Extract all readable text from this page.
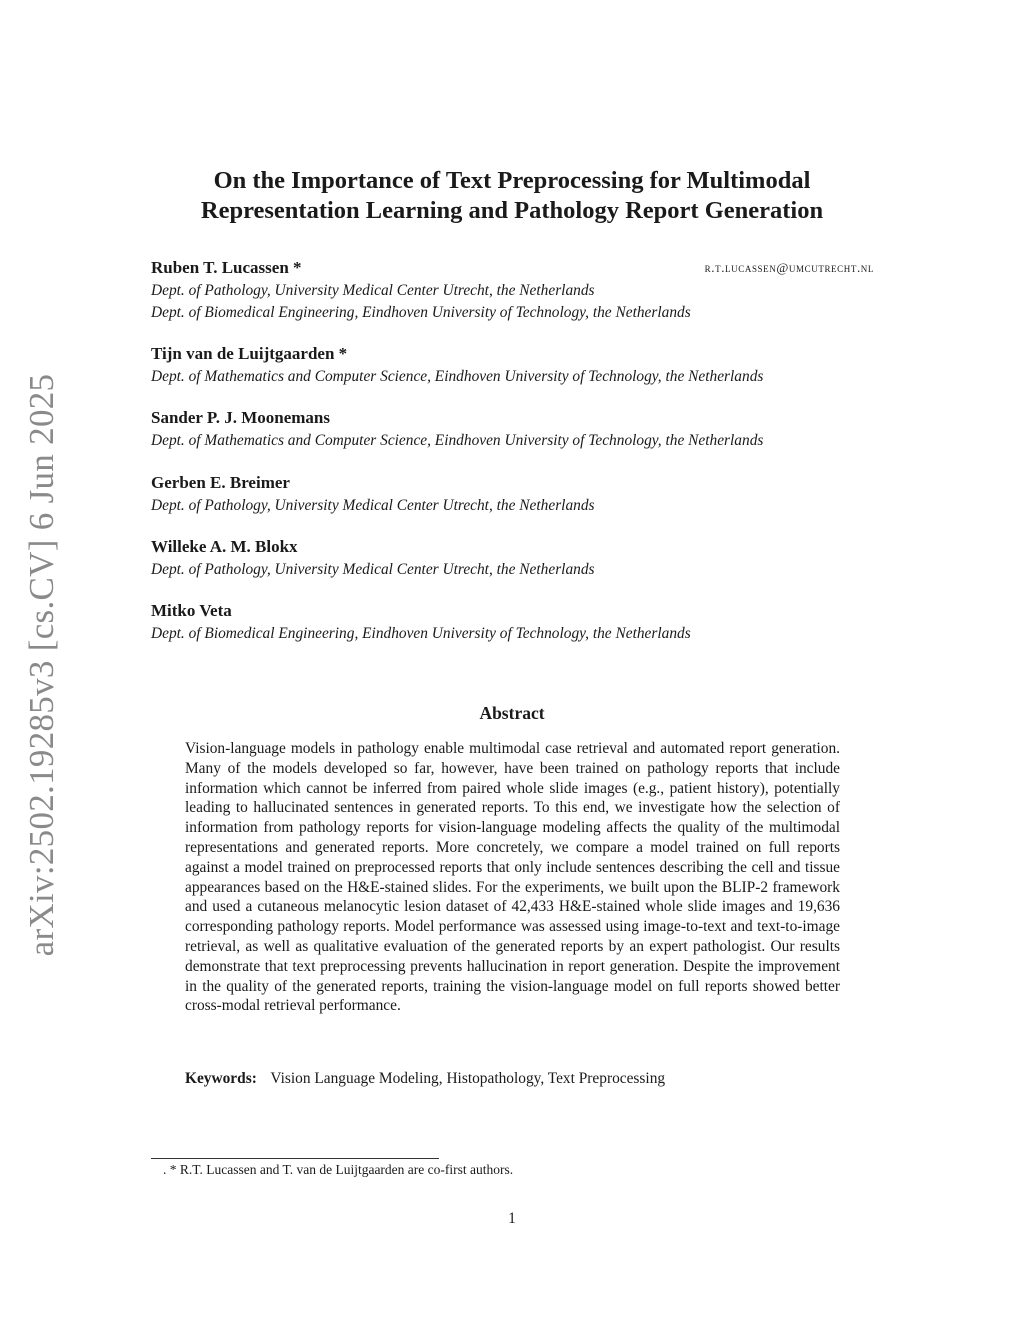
arXiv:2502.19285v3 [cs.CV] 6 Jun 2025
On the Importance of Text Preprocessing for Multimodal
Representation Learning and Pathology Report Generation
Ruben T. Lucassen *	r.t.lucassen@umcutrecht.nl
Dept. of Pathology, University Medical Center Utrecht, the Netherlands
Dept. of Biomedical Engineering, Eindhoven University of Technology, the Netherlands
Tijn van de Luijtgaarden *
Dept. of Mathematics and Computer Science, Eindhoven University of Technology, the Netherlands
Sander P. J. Moonemans
Dept. of Mathematics and Computer Science, Eindhoven University of Technology, the Netherlands
Gerben E. Breimer
Dept. of Pathology, University Medical Center Utrecht, the Netherlands
Willeke A. M. Blokx
Dept. of Pathology, University Medical Center Utrecht, the Netherlands
Mitko Veta
Dept. of Biomedical Engineering, Eindhoven University of Technology, the Netherlands
Abstract

Vision-language models in pathology enable multimodal case retrieval and automated report generation. Many of the models developed so far, however, have been trained on pathology reports that include information which cannot be inferred from paired whole slide images (e.g., patient history), potentially leading to hallucinated sentences in generated reports. To this end, we investigate how the selection of information from pathology reports for vision-language modeling affects the quality of the multimodal representations and generated reports. More concretely, we compare a model trained on full reports against a model trained on preprocessed reports that only include sentences describing the cell and tissue appearances based on the H&E-stained slides. For the experiments, we built upon the BLIP-2 framework and used a cutaneous melanocytic lesion dataset of 42,433 H&E-stained whole slide images and 19,636 corresponding pathology reports. Model performance was assessed using image-to-text and text-to-image retrieval, as well as qualitative evaluation of the generated reports by an expert pathologist. Our results demonstrate that text preprocessing prevents hallucination in report generation. Despite the improvement in the quality of the generated reports, training the vision-language model on full reports showed better cross-modal retrieval performance.

Keywords: Vision Language Modeling, Histopathology, Text Preprocessing
. * R.T. Lucassen and T. van de Luijtgaarden are co-first authors.
1
